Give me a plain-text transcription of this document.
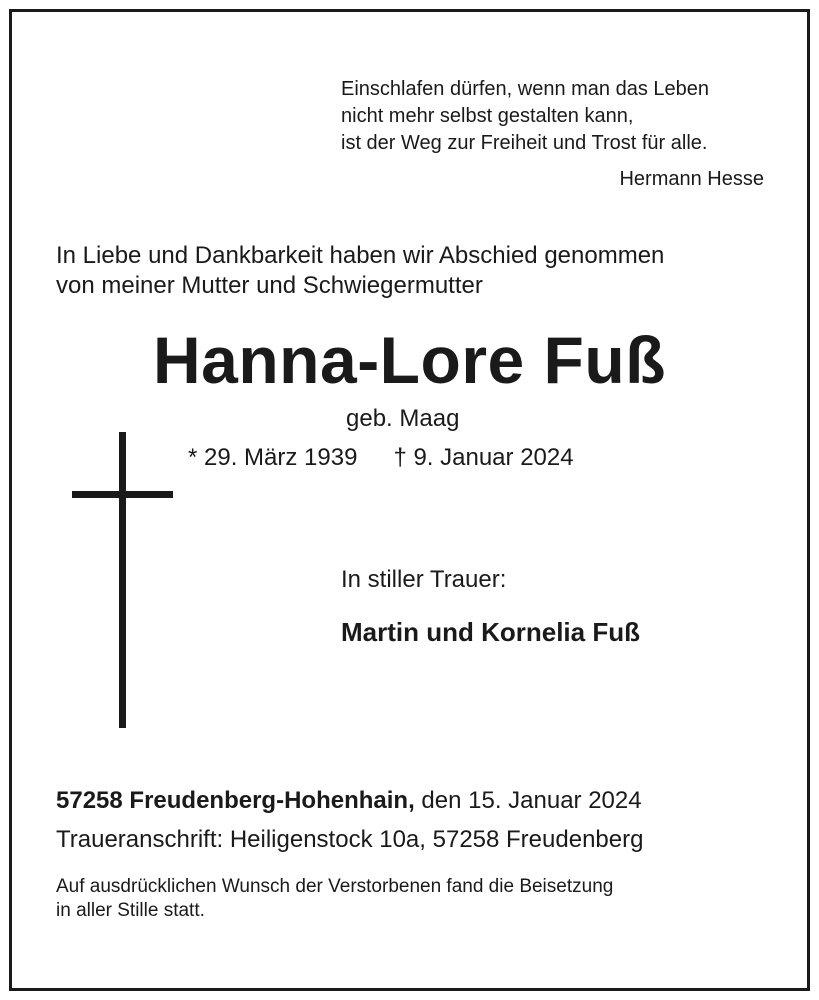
Einschlafen dürfen, wenn man das Leben
nicht mehr selbst gestalten kann,
ist der Weg zur Freiheit und Trost für alle.
Hermann Hesse
In Liebe und Dankbarkeit haben wir Abschied genommen
von meiner Mutter und Schwiegermutter
Hanna-Lore Fuß
geb. Maag
* 29. März 1939 † 9. Januar 2024
In stiller Trauer:
Martin und Kornelia Fuß
57258 Freudenberg-Hohenhain, den 15. Januar 2024
Traueranschrift: Heiligenstock 10a, 57258 Freudenberg
Auf ausdrücklichen Wunsch der Verstorbenen fand die Beisetzung
in aller Stille statt.
